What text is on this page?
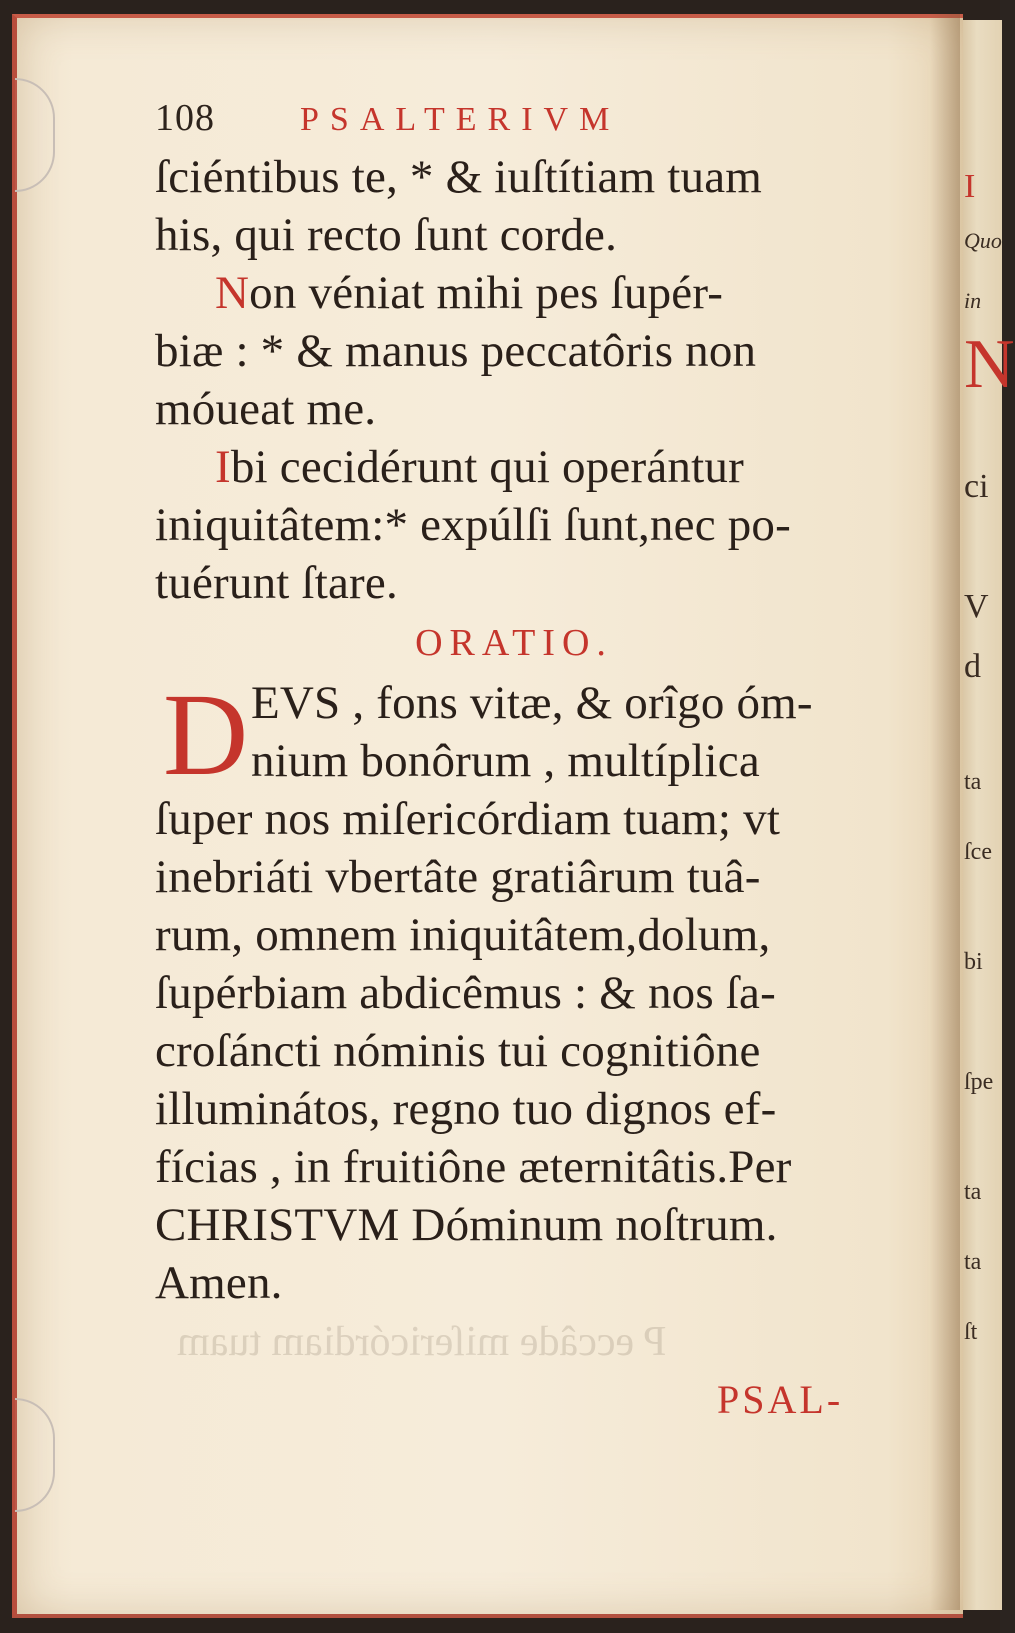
P eccâde miſericórdiam tuam
108	PSALTERIVM
ſciéntibus te, * & iuſtítiam tuam
his, qui recto ſunt corde.
Non véniat mihi pes ſupér-
biæ : * & manus peccatôris non
móueat me.
Ibi cecidérunt qui operántur
iniquitâtem:* expúlſi ſunt,nec po-
tuérunt ſtare.
ORATIO.
D EVS , fons vitæ, & orîgo óm-
nium bonôrum , multíplica
ſuper nos miſericórdiam tuam; vt
inebriáti vbertâte gratiârum tuâ-
rum, omnem iniquitâtem,dolum,
ſupérbiam abdicêmus : & nos ſa-
croſáncti nóminis tui cognitiône
illuminátos, regno tuo dignos ef-
fícias , in fruitiône æternitâtis.Per
CHRISTVM Dóminum noſtrum.
Amen.
PSAL-
I
Quo
in
N
ci
V
d
ta
ſce
bi
ſpe
ta
ta
ſt
